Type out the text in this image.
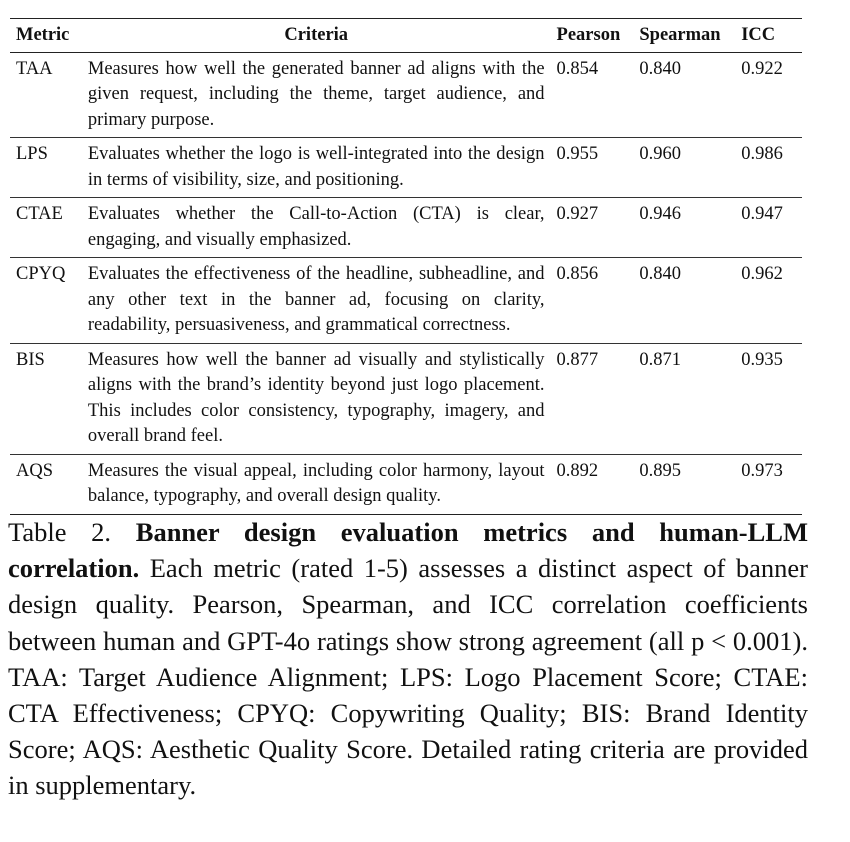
Metric	Criteria	Pearson	Spearman	ICC
TAA	Measures how well the generated banner ad aligns with the given request, including the theme, target audience, and primary purpose.	0.854	0.840	0.922
LPS	Evaluates whether the logo is well-integrated into the design in terms of visibility, size, and positioning.	0.955	0.960	0.986
CTAE	Evaluates whether the Call-to-Action (CTA) is clear, engaging, and visually emphasized.	0.927	0.946	0.947
CPYQ	Evaluates the effectiveness of the headline, subheadline, and any other text in the banner ad, focusing on clarity, readability, persuasiveness, and grammatical correctness.	0.856	0.840	0.962
BIS	Measures how well the banner ad visually and stylistically aligns with the brand’s identity beyond just logo placement. This includes color consistency, typography, imagery, and overall brand feel.	0.877	0.871	0.935
AQS	Measures the visual appeal, including color harmony, layout balance, typography, and overall design quality.	0.892	0.895	0.973
Table 2. Banner design evaluation metrics and human-LLM correlation. Each metric (rated 1-5) assesses a distinct aspect of banner design quality. Pearson, Spearman, and ICC correlation coefficients between human and GPT-4o ratings show strong agreement (all p < 0.001). TAA: Target Audience Alignment; LPS: Logo Placement Score; CTAE: CTA Effectiveness; CPYQ: Copywriting Quality; BIS: Brand Identity Score; AQS: Aesthetic Quality Score. Detailed rating criteria are provided in supplementary.
